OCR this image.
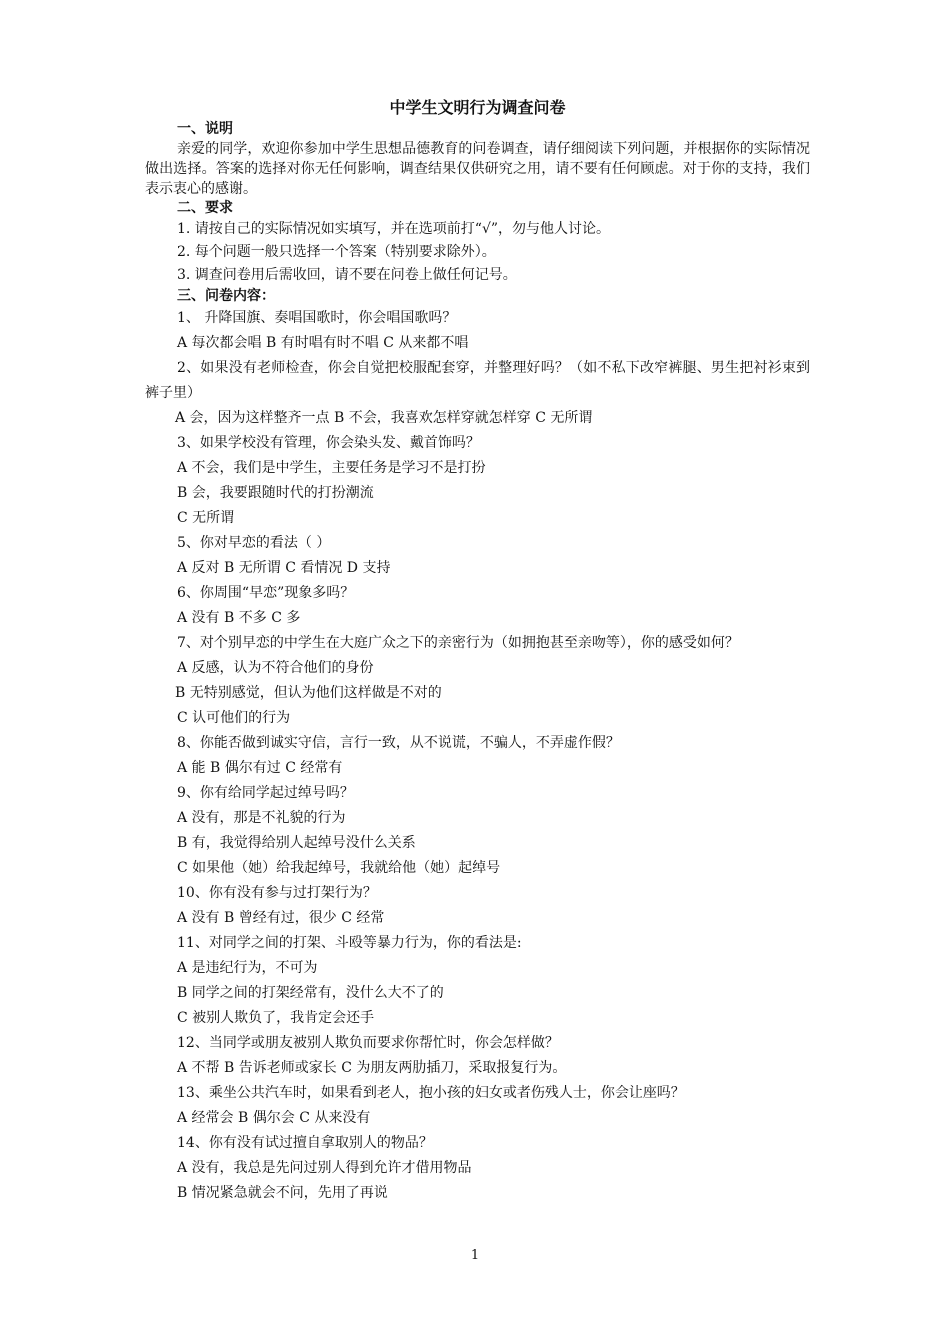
中学生文明行为调查问卷
一、说明

亲爱的同学，欢迎你参加中学生思想品德教育的问卷调查，请仔细阅读下列问题，并根据你的实际情况做出选择。答案的选择对你无任何影响，调查结果仅供研究之用，请不要有任何顾虑。对于你的支持，我们表示衷心的感谢。

二、要求
1. 请按自己的实际情况如实填写，并在选项前打“√”，勿与他人讨论。
2. 每个问题一般只选择一个答案（特别要求除外）。
3. 调查问卷用后需收回，请不要在问卷上做任何记号。
三、问卷内容：
1、 升降国旗、奏唱国歌时，你会唱国歌吗？
A 每次都会唱 B 有时唱有时不唱 C 从来都不唱
2、如果没有老师检查，你会自觉把校服配套穿，并整理好吗？（如不私下改窄裤腿、男生把衬衫束到裤子里）
A 会，因为这样整齐一点 B 不会，我喜欢怎样穿就怎样穿 C 无所谓
3、如果学校没有管理，你会染头发、戴首饰吗？
A 不会，我们是中学生，主要任务是学习不是打扮
B 会，我要跟随时代的打扮潮流
C 无所谓
5、你对早恋的看法（ ）
A 反对 B 无所谓 C 看情况 D 支持
6、你周围“早恋”现象多吗？
A 没有 B 不多 C 多
7、对个别早恋的中学生在大庭广众之下的亲密行为（如拥抱甚至亲吻等），你的感受如何？
A 反感，认为不符合他们的身份
B 无特别感觉，但认为他们这样做是不对的
C 认可他们的行为
8、你能否做到诚实守信，言行一致，从不说谎，不骗人，不弄虚作假？
A 能 B 偶尔有过 C 经常有
9、你有给同学起过绰号吗？
A 没有，那是不礼貌的行为
B 有，我觉得给别人起绰号没什么关系
C 如果他（她）给我起绰号，我就给他（她）起绰号
10、你有没有参与过打架行为？
A 没有 B 曾经有过，很少 C 经常
11、对同学之间的打架、斗殴等暴力行为，你的看法是:
A 是违纪行为，不可为
B 同学之间的打架经常有，没什么大不了的
C 被别人欺负了，我肯定会还手
12、当同学或朋友被别人欺负而要求你帮忙时，你会怎样做？
A 不帮 B 告诉老师或家长 C 为朋友两肋插刀，采取报复行为。
13、乘坐公共汽车时，如果看到老人，抱小孩的妇女或者伤残人士，你会让座吗？
A 经常会 B 偶尔会 C 从来没有
14、你有没有试过擅自拿取别人的物品？
A 没有，我总是先问过别人得到允许才借用物品
B 情况紧急就会不问，先用了再说
1
